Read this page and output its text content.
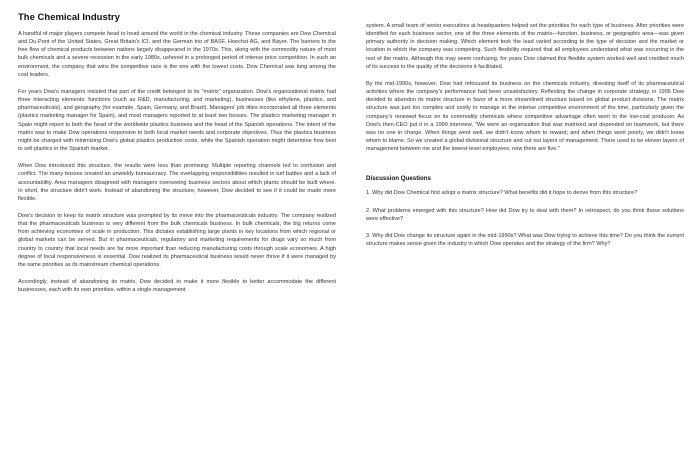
The Chemical Industry

A handful of major players compete head to head around the world in the chemical industry. These companies are Dow Chemical and Du Pont of the United States, Great Britain's ICI, and the German trio of BASF, Hoechst AG, and Bayer. The barriers to the free flow of chemical products between nations largely disappeared in the 1970s. This, along with the commodity nature of most bulk chemicals and a severe recession in the early 1980s, ushered in a prolonged period of intense price competition. In such an environment, the company that wins the competitive race is the one with the lowest costs. Dow Chemical was long among the cost leaders.

For years Dow's managers insisted that part of the credit belonged to its "matrix" organization. Dow's organizational matrix had three interacting elements: functions (such as R&D, manufacturing, and marketing), businesses (like ethylene, plastics, and pharmaceuticals), and geography (for example, Spain, Germany, and Brazil). Managers' job titles incorporated all three elements (plastics marketing manager for Spain), and most managers reported to at least two bosses. The plastics marketing manager in Spain might report to both the head of the worldwide plastics business and the head of the Spanish operations. The intent of the matrix was to make Dow operations responsive to both local market needs and corporate objectives. Thus the plastics business might be charged with minimizing Dow's global plastics production costs, while the Spanish operation might determine how best to sell plastics in the Spanish market.

When Dow introduced this structure, the results were less than promising: Multiple reporting channels led to confusion and conflict. The many bosses created an unwieldy bureaucracy. The overlapping responsibilities resulted in turf battles and a lack of accountability. Area managers disagreed with managers overseeing business sectors about which plants should be built where. In short, the structure didn't work. Instead of abandoning the structure, however, Dow decided to see if it could be made more flexible.

Dow's decision to keep its matrix structure was prompted by its move into the pharmaceuticals industry. The company realized that the pharmaceuticals business is very different from the bulk chemicals business. In bulk chemicals, the big returns come from achieving economies of scale in production. This dictates establishing large plants in key locations from which regional or global markets can be served. But in pharmaceuticals, regulatory and marketing requirements for drugs vary so much from country to country that local needs are far more important than reducing manufacturing costs through scale economies. A high degree of local responsiveness is essential. Dow realized its pharmaceutical business would never thrive if it were managed by the same priorities as its mainstream chemical operations.

Accordingly, instead of abandoning its matrix, Dow decided to make it more flexible to better accommodate the different businesses, each with its own priorities, within a single management

system. A small team of senior executives at headquarters helped set the priorities for each type of business. After priorities were identified for each business sector, one of the three elements of the matrix—function, business, or geographic area—was given primary authority in decision making. Which element took the lead varied according to the type of decision and the market or location in which the company was competing. Such flexibility required that all employees understand what was occurring in the rest of the matrix. Although this may seem confusing, for years Dow claimed this flexible system worked well and credited much of its success to the quality of the decisions it facilitated.

By the mid-1990s, however, Dow had refocused its business on the chemicals industry, divesting itself of its pharmaceutical activities where the company's performance had been unsatisfactory. Reflecting the change in corporate strategy, in 1995 Dow decided to abandon its matrix structure in favor of a more streamlined structure based on global product divisions. The matrix structure was just too complex and costly to manage in the intense competitive environment of the time, particularly given the company's renewed focus on its commodity chemicals where competitive advantage often went to the low-cost producer. As Dow's then-CEO put it in a 1999 interview, "We were an organization that was matrixed and depended on teamwork, but there was no one in charge. When things went well, we didn't know whom to reward; and when things went poorly, we didn't know whom to blame. So we created a global divisional structure and cut out layers of management. There used to be eleven layers of management between me and the lowest-level employees; now there are five."

Discussion Questions

1. Why did Dow Chemical first adopt a matrix structure? What benefits did it hope to derive from this structure?

2. What problems emerged with this structure? How did Dow try to deal with them? In retrospect, do you think those solutions were effective?

3. Why did Dow change its structure again in the mid-1990s? What was Dow trying to achieve this time? Do you think the current structure makes sense given the industry in which Dow operates and the strategy of the firm? Why?
